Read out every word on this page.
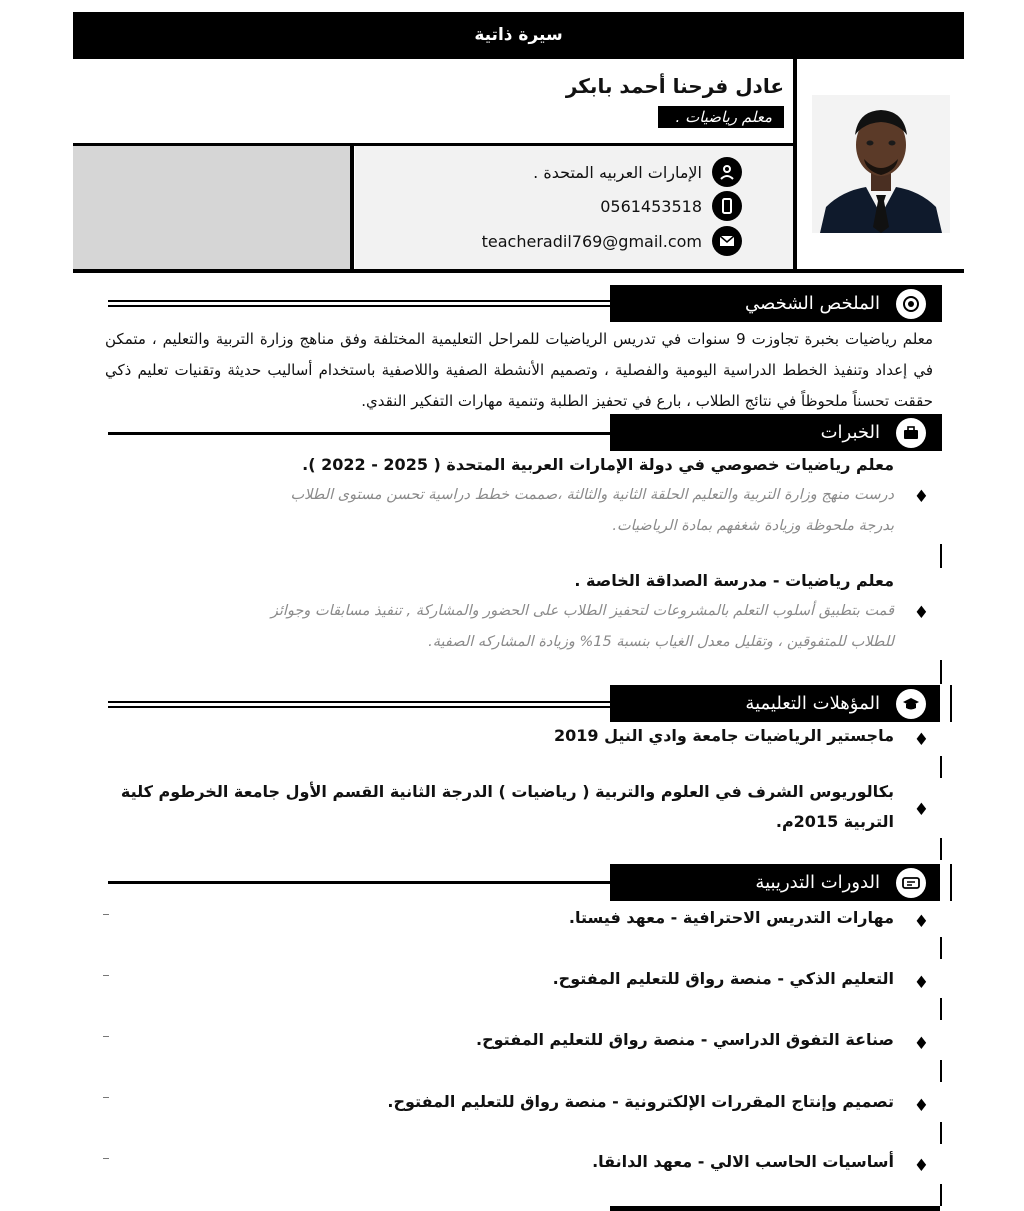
سيرة ذاتية
عادل فرحنا أحمد بابكر
معلم رياضيات .
الإمارات العربيه المتحدة .
0561453518
teacheradil769@gmail.com
الملخص الشخصي
معلم رياضيات بخبرة تجاوزت 9 سنوات في تدريس الرياضيات للمراحل التعليمية المختلفة وفق مناهج وزارة التربية والتعليم ، متمكن في إعداد وتنفيذ الخطط الدراسية اليومية والفصلية ، وتصميم الأنشطة الصفية واللاصفية باستخدام أساليب حديثة وتقنيات تعليم ذكي حققت تحسناً ملحوظاً في نتائج الطلاب ، بارع في تحفيز الطلبة وتنمية مهارات التفكير النقدي.
الخبرات
معلم رياضيات خصوصي في دولة الإمارات العربية المتحدة ( 2025 - 2022 ).
♦
درست منهج وزارة التربية والتعليم الحلقة الثانية والثالثة ،صممت خطط دراسية تحسن مستوى الطلاب
بدرجة ملحوظة وزيادة شغفهم بمادة الرياضيات.
معلم رياضيات - مدرسة الصداقة الخاصة .
♦
قمت بتطبيق أسلوب التعلم بالمشروعات لتحفيز الطلاب على الحضور والمشاركة , تنفيذ مسابقات وجوائز
للطلاب للمتفوقين ، وتقليل معدل الغياب بنسبة 15% وزيادة المشاركه الصفية.
المؤهلات التعليمية
♦
ماجستير الرياضيات جامعة وادي النيل 2019
♦
بكالوريوس الشرف في العلوم والتربية ( رياضيات ) الدرجة الثانية القسم الأول جامعة الخرطوم كلية
التربية 2015م.
الدورات التدريبية
♦
مهارات التدريس الاحترافية - معهد فيستا.
♦
التعليم الذكي - منصة رواق للتعليم المفتوح.
♦
صناعة التفوق الدراسي - منصة رواق للتعليم المفتوح.
♦
تصميم وإنتاج المقررات الإلكترونية - منصة رواق للتعليم المفتوح.
♦
أساسيات الحاسب الالي - معهد الدانقا.
